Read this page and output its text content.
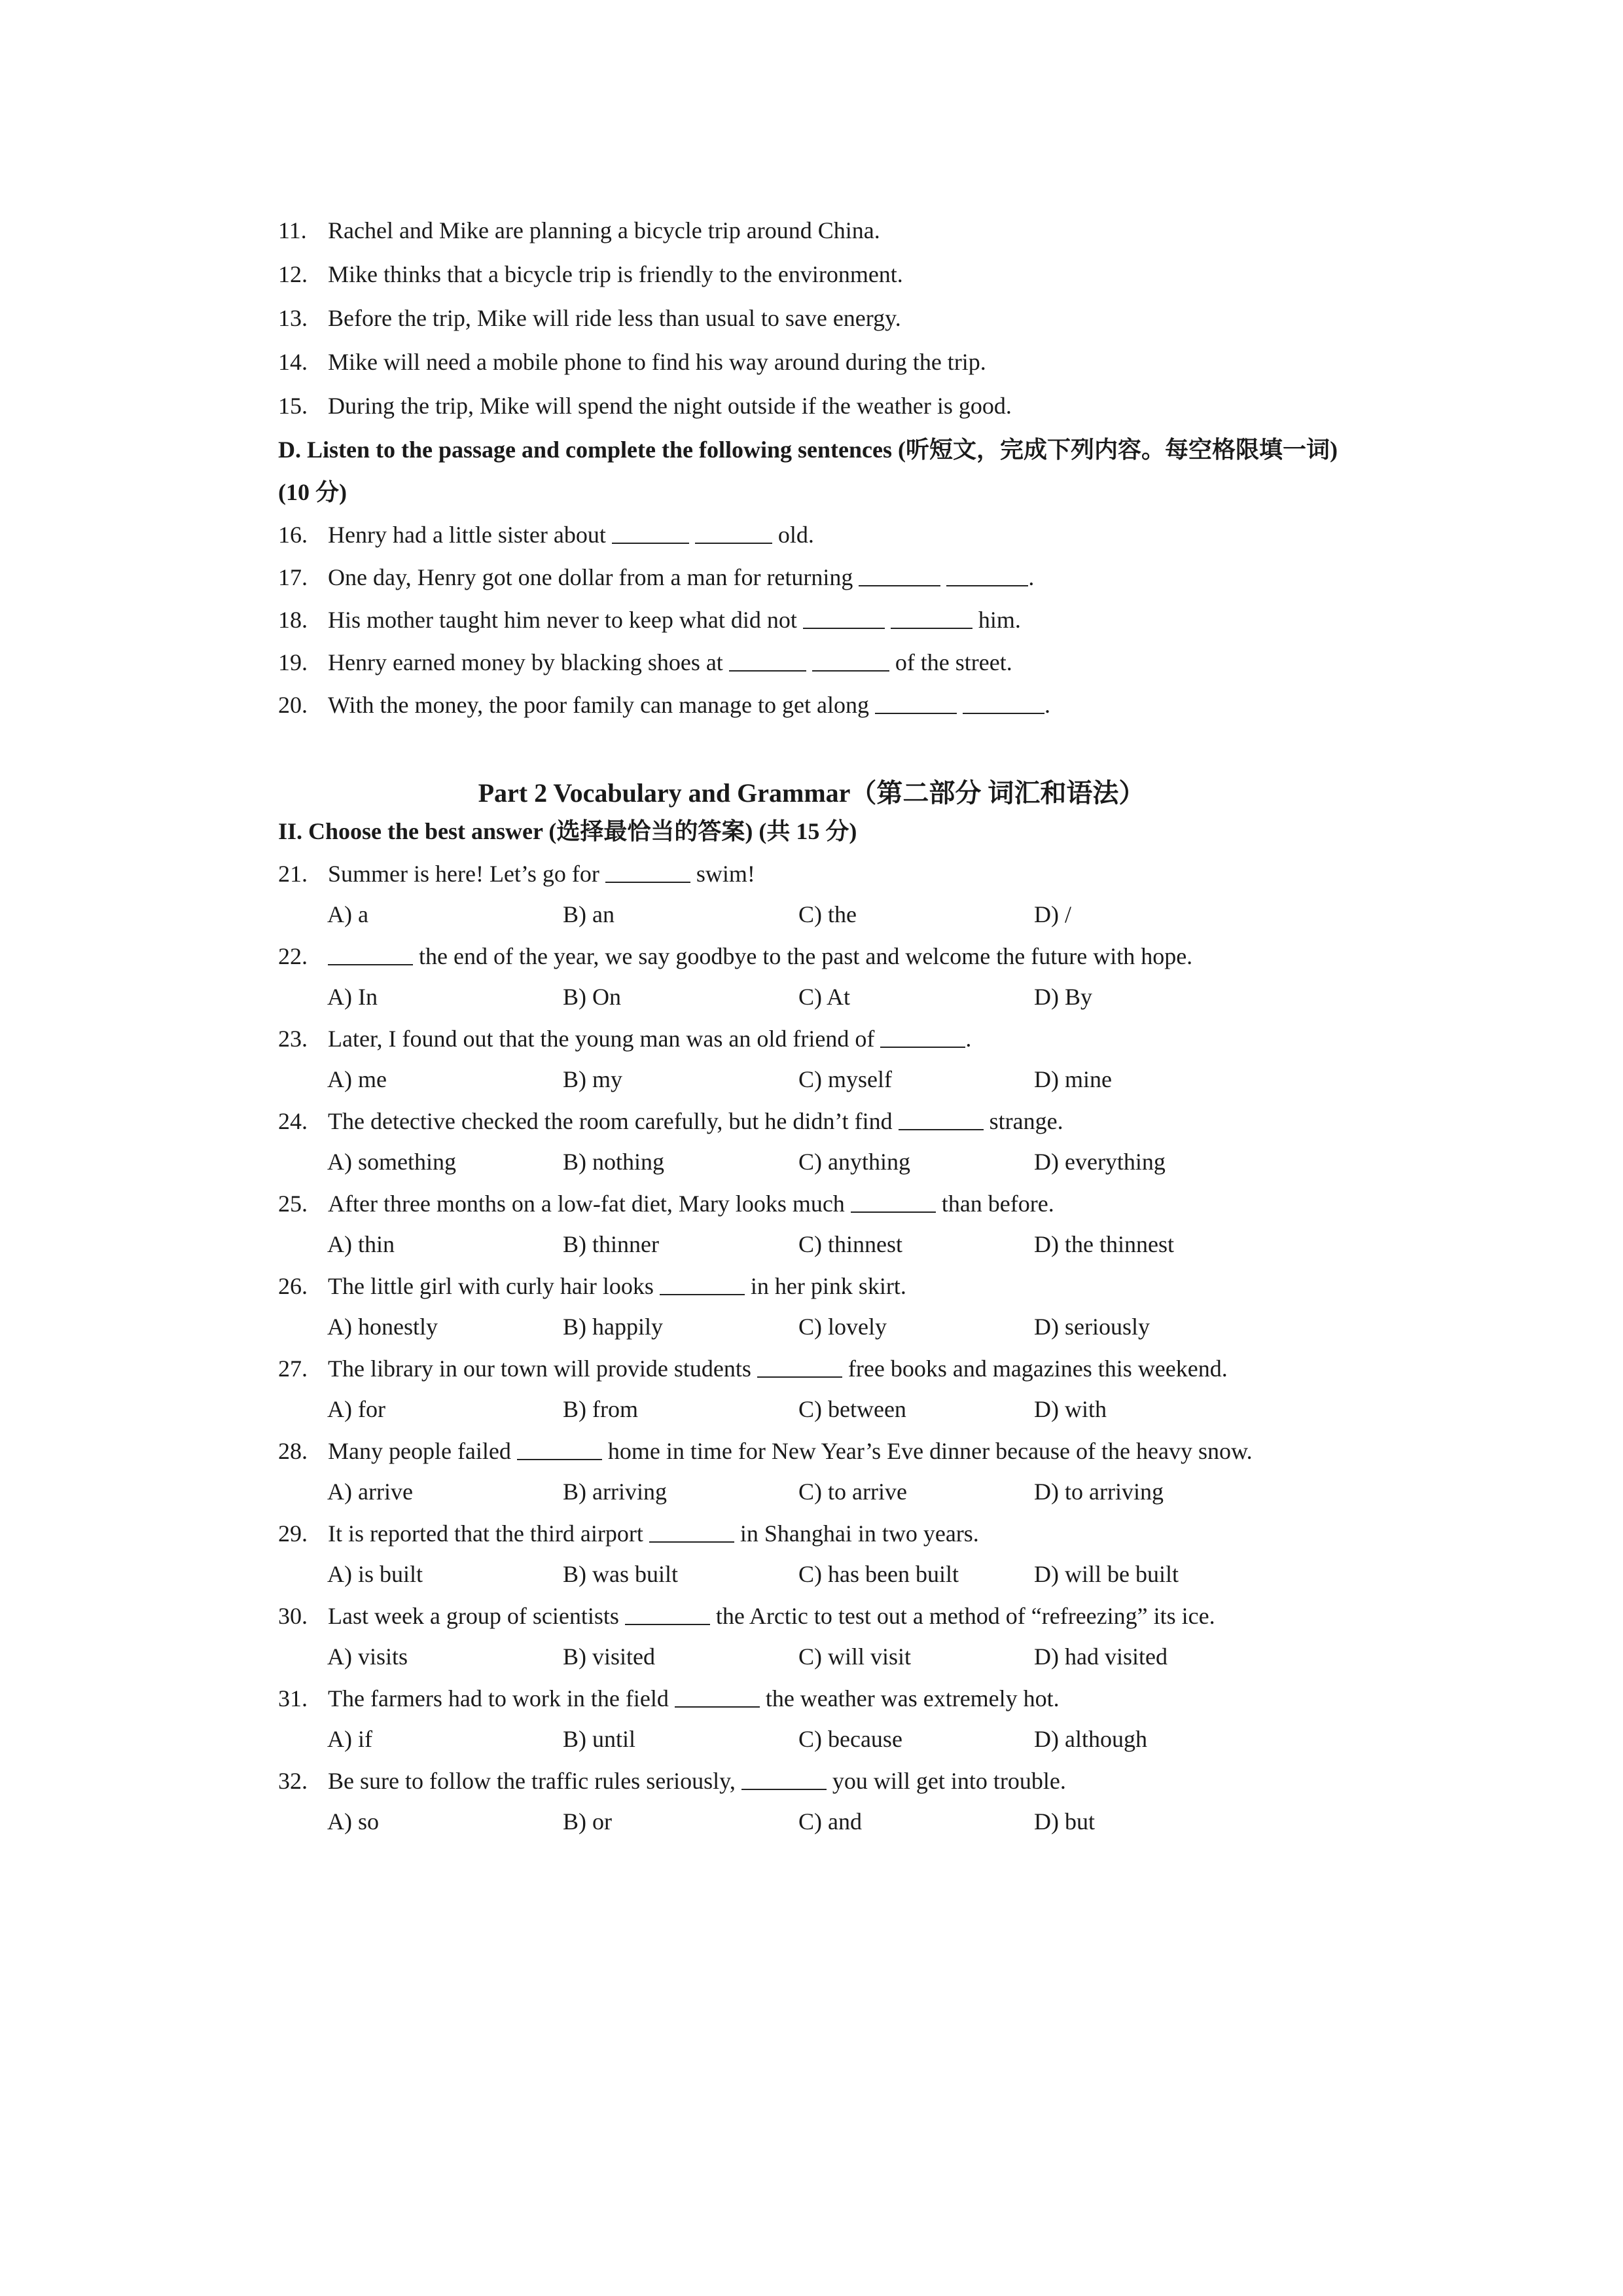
11. Rachel and Mike are planning a bicycle trip around China.
12. Mike thinks that a bicycle trip is friendly to the environment.
13. Before the trip, Mike will ride less than usual to save energy.
14. Mike will need a mobile phone to find his way around during the trip.
15. During the trip, Mike will spend the night outside if the weather is good.
D. Listen to the passage and complete the following sentences (听短文，完成下列内容。每空格限填一词)
(10 分)
16. Henry had a little sister about	old.
17. One day, Henry got one dollar from a man for returning	.
18. His mother taught him never to keep what did not	him.
19. Henry earned money by blacking shoes at	of the street.
20. With the money, the poor family can manage to get along	.
Part 2 Vocabulary and Grammar（第二部分 词汇和语法）
II. Choose the best answer (选择最恰当的答案) (共 15 分)
21. Summer is here! Let’s go for	swim!
A) a	B) an	C) the	D) /
22.	the end of the year, we say goodbye to the past and welcome the future with hope.
A) In	B) On	C) At	D) By
23. Later, I found out that the young man was an old friend of	.
A) me	B) my	C) myself	D) mine
24. The detective checked the room carefully, but he didn’t find	strange.
A) something	B) nothing	C) anything	D) everything
25. After three months on a low-fat diet, Mary looks much	than before.
A) thin	B) thinner	C) thinnest	D) the thinnest
26. The little girl with curly hair looks	in her pink skirt.
A) honestly	B) happily	C) lovely	D) seriously
27. The library in our town will provide students	free books and magazines this weekend.
A) for	B) from	C) between	D) with
28. Many people failed	home in time for New Year’s Eve dinner because of the heavy snow.
A) arrive	B) arriving	C) to arrive	D) to arriving
29. It is reported that the third airport	in Shanghai in two years.
A) is built	B) was built	C) has been built	D) will be built
30. Last week a group of scientists	the Arctic to test out a method of “refreezing” its ice.
A) visits	B) visited	C) will visit	D) had visited
31. The farmers had to work in the field	the weather was extremely hot.
A) if	B) until	C) because	D) although
32. Be sure to follow the traffic rules seriously,	you will get into trouble.
A) so	B) or	C) and	D) but
